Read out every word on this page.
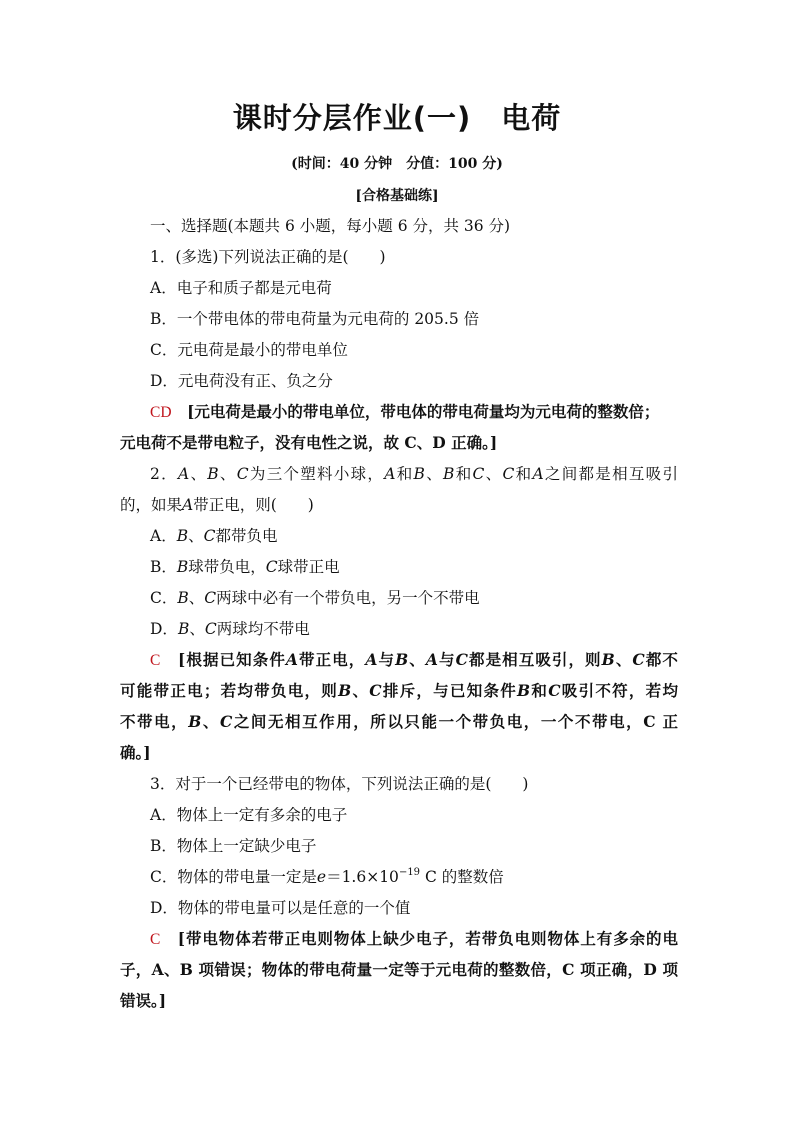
课时分层作业(一)　电荷
(时间：40 分钟　分值：100 分)
[合格基础练]
一、选择题(本题共 6 小题，每小题 6 分，共 36 分)
1．(多选)下列说法正确的是(　　)
A．电子和质子都是元电荷
B．一个带电体的带电荷量为元电荷的 205.5 倍
C．元电荷是最小的带电单位
D．元电荷没有正、负之分
CD　 [元电荷是最小的带电单位，带电体的带电荷量均为元电荷的整数倍；
元电荷不是带电粒子，没有电性之说，故 C、D 正确。]
2．A、B、C为三个塑料小球，A和B、B和C、C和A之间都是相互吸引
的，如果A带正电，则(　　)
A．B、C都带负电
B．B球带负电，C球带正电
C．B、C两球中必有一个带负电，另一个不带电
D．B、C两球均不带电
C　 [根据已知条件A带正电，A与B、A与C都是相互吸引，则B、C都不
可能带正电；若均带负电，则B、C排斥，与已知条件B和C吸引不符，若均
不带电，B、C之间无相互作用，所以只能一个带负电，一个不带电，C 正
确。]
3．对于一个已经带电的物体，下列说法正确的是(　　)
A．物体上一定有多余的电子
B．物体上一定缺少电子
C．物体的带电量一定是$e=1.6\times 10^{-19}$ C 的整数倍
D．物体的带电量可以是任意的一个值
C　 [带电物体若带正电则物体上缺少电子，若带负电则物体上有多余的电
子，A、B 项错误；物体的带电荷量一定等于元电荷的整数倍，C 项正确，D 项
错误。]
